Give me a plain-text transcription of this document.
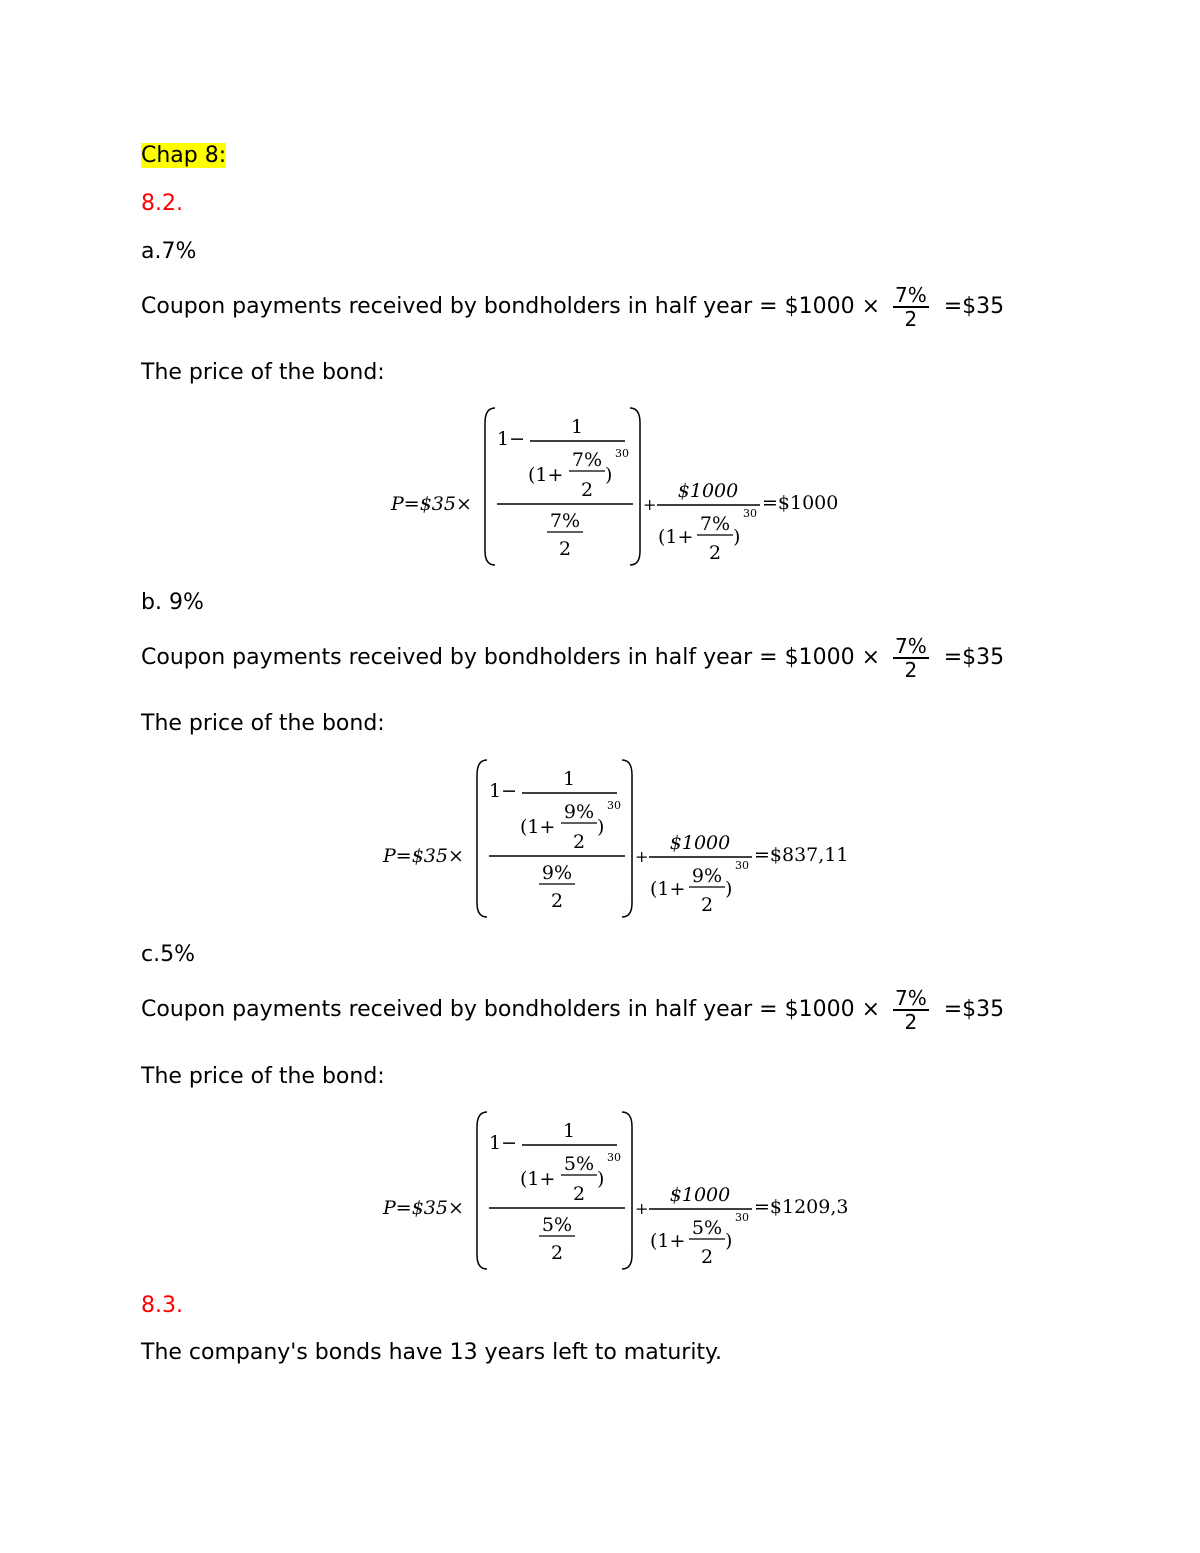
Chap 8:
8.2.
a.7%
Coupon payments received by bondholders in half year = $1000 × $\frac{7\%}{2}$ =$35
The price of the bond:
P=$35×
1−
1
(1+
7%
2
)
30
7%
2
+
$1000
(1+
7%
2
)
30 =$1000
b. 9%
Coupon payments received by bondholders in half year = $1000 × $\frac{7\%}{2}$ =$35
The price of the bond:
P=$35×
1−
1
(1+
9%
2
)
30
9%
2
+
$1000
(1+
9%
2
)
30 =$837,11
c.5%
Coupon payments received by bondholders in half year = $1000 × $\frac{7\%}{2}$ =$35
The price of the bond:
P=$35×
1−
1
(1+
5%
2
)
30
5%
2
+
$1000
(1+
5%
2
)
30 =$1209,3
8.3.
The company's bonds have 13 years left to maturity.
